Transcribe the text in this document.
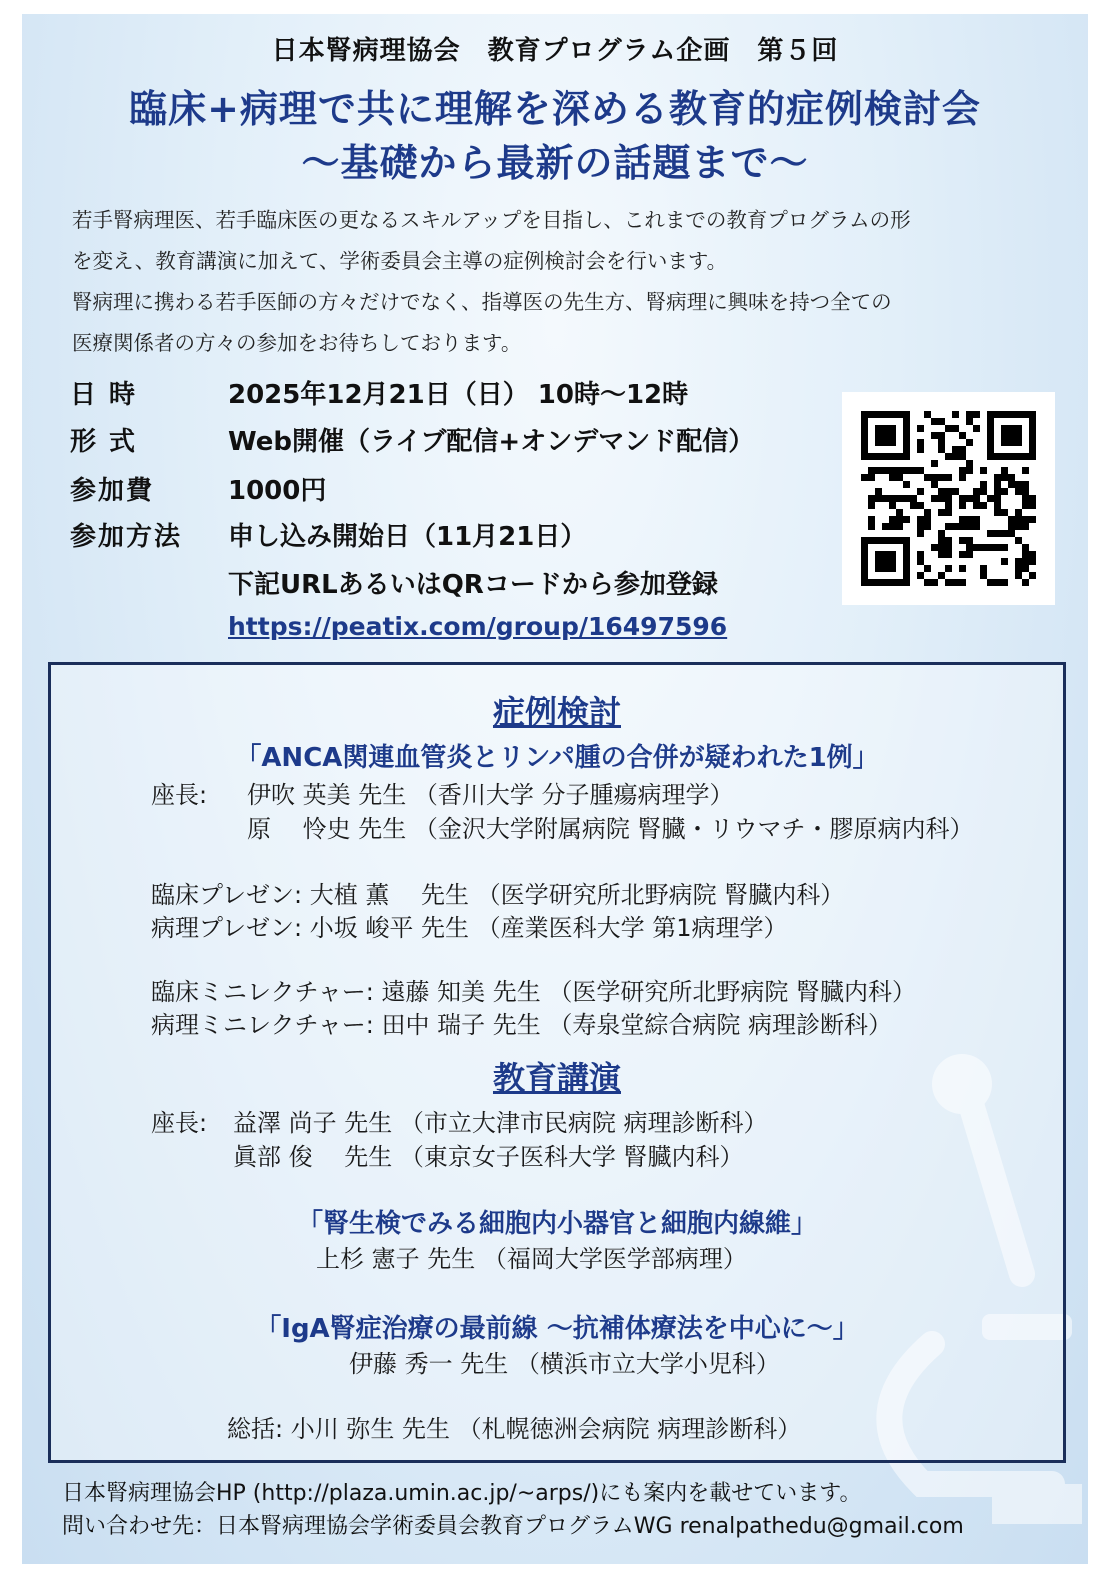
日本腎病理協会　教育プログラム企画　第５回
臨床+病理で共に理解を深める教育的症例検討会
～基礎から最新の話題まで～
若手腎病理医、若手臨床医の更なるスキルアップを目指し、これまでの教育プログラムの形
を変え、教育講演に加えて、学術委員会主導の症例検討会を行います。
腎病理に携わる若手医師の方々だけでなく、指導医の先生方、腎病理に興味を持つ全ての
医療関係者の方々の参加をお待ちしております。
日 時	2025年12月21日（日） 10時～12時
形 式	Web開催（ライブ配信+オンデマンド配信）
参加費	1000円
参加方法 申し込み開始日（11月21日）
下記URLあるいはQRコードから参加登録
https://peatix.com/group/16497596
症例検討
「ANCA関連血管炎とリンパ腫の合併が疑われた1例」
座長: 伊吹 英美 先生 （香川大学 分子腫瘍病理学）
原　 怜史 先生 （金沢大学附属病院 腎臓・リウマチ・膠原病内科）
臨床プレゼン: 大植 薫　 先生 （医学研究所北野病院 腎臓内科）
病理プレゼン: 小坂 峻平 先生 （産業医科大学 第1病理学）
臨床ミニレクチャー: 遠藤 知美 先生 （医学研究所北野病院 腎臓内科）
病理ミニレクチャー: 田中 瑞子 先生 （寿泉堂綜合病院 病理診断科）
教育講演
座長: 益澤 尚子 先生 （市立大津市民病院 病理診断科）
眞部 俊　 先生 （東京女子医科大学 腎臓内科）
「腎生検でみる細胞内小器官と細胞内線維」
上杉 憲子 先生 （福岡大学医学部病理）
「IgA腎症治療の最前線 ～抗補体療法を中心に～」
伊藤 秀一 先生 （横浜市立大学小児科）
総括: 小川 弥生 先生 （札幌徳洲会病院 病理診断科）
日本腎病理協会HP (http://plaza.umin.ac.jp/~arps/)にも案内を載せています。
問い合わせ先：日本腎病理協会学術委員会教育プログラムWG renalpathedu@gmail.com
